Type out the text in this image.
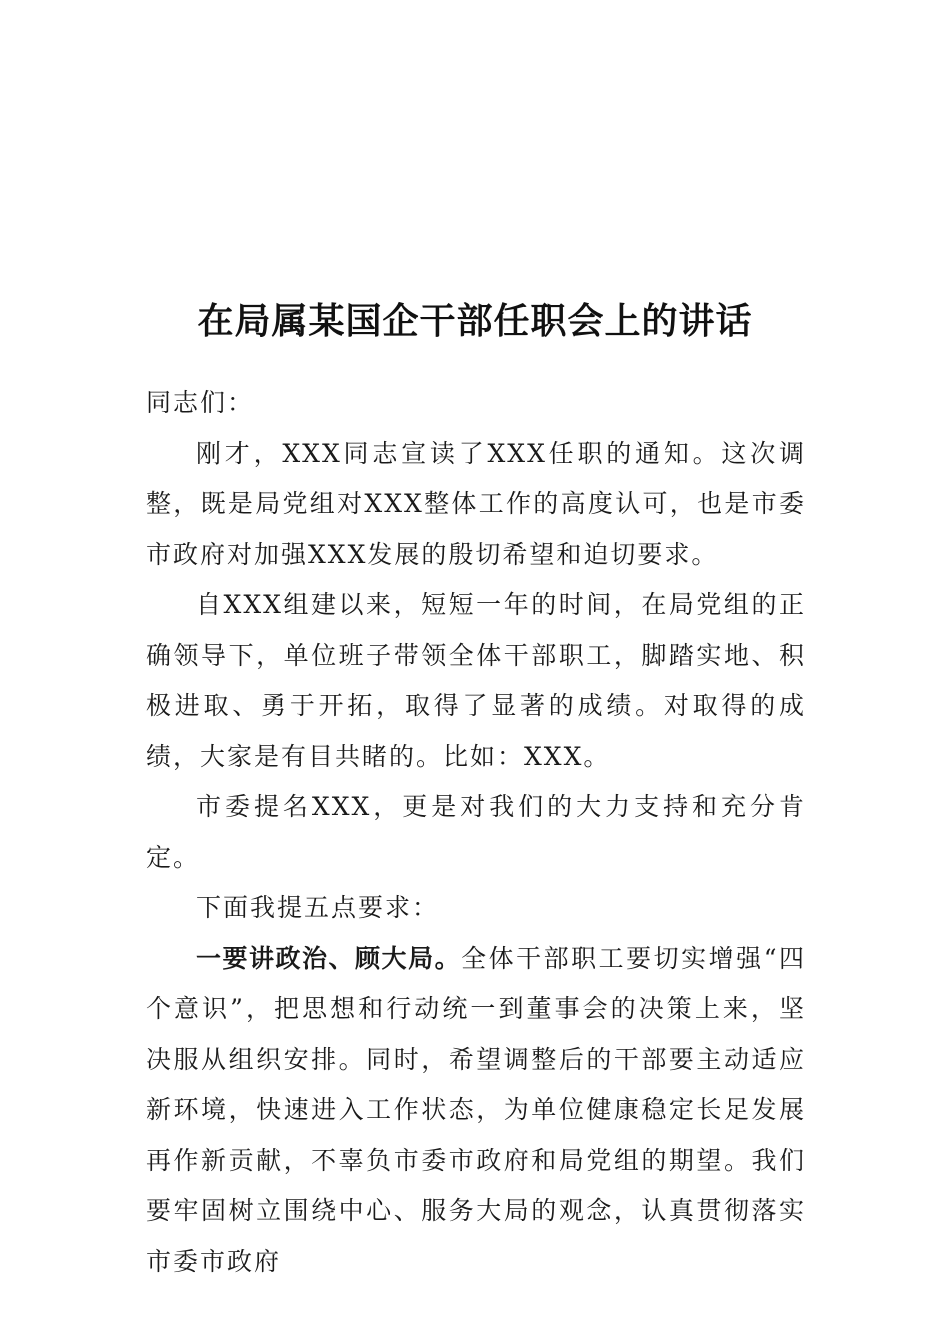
在局属某国企干部任职会上的讲话

同志们：

刚才，XXX同志宣读了XXX任职的通知。这次调整，既是局党组对XXX整体工作的高度认可，也是市委市政府对加强XXX发展的殷切希望和迫切要求。

自XXX组建以来，短短一年的时间，在局党组的正确领导下，单位班子带领全体干部职工，脚踏实地、积极进取、勇于开拓，取得了显著的成绩。对取得的成绩，大家是有目共睹的。比如：XXX。

市委提名XXX，更是对我们的大力支持和充分肯定。

下面我提五点要求：

一要讲政治、顾大局。全体干部职工要切实增强“四个意识”，把思想和行动统一到董事会的决策上来，坚决服从组织安排。同时，希望调整后的干部要主动适应新环境，快速进入工作状态，为单位健康稳定长足发展再作新贡献，不辜负市委市政府和局党组的期望。我们要牢固树立围绕中心、服务大局的观念，认真贯彻落实市委市政府
